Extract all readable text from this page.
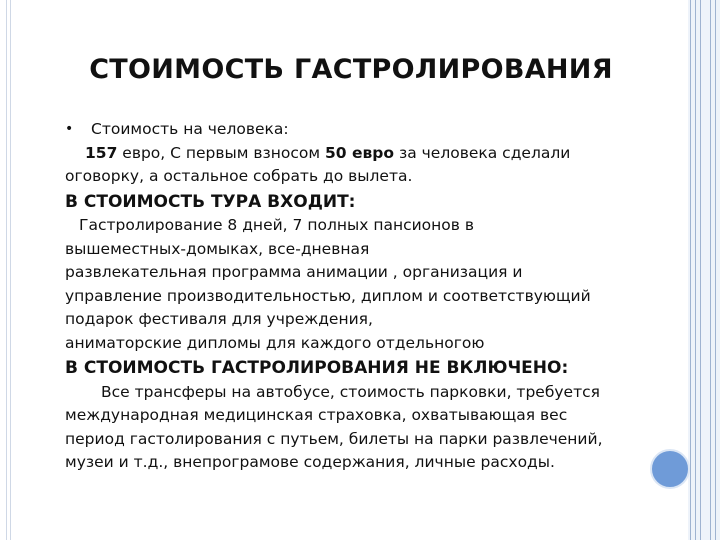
СТОИМОСТЬ ГАСТРОЛИРОВАНИЯ
•	Стоимость на человека:
157 евро, С первым взносом 50 евро за человека сделали
оговорку, а остальное собрать до вылета.
В СТОИМОСТЬ ТУРА ВХОДИТ:
Гастролирование 8 дней, 7 полных пансионов в
вышеместных-домыках, все-дневная
развлекательная программа анимации , организация и
управление производительностью, диплом и соответствующий
подарок фестиваля для учреждения,
аниматорские дипломы для каждого отдельногою
В СТОИМОСТЬ ГАСТРОЛИРОВАНИЯ НЕ ВКЛЮЧЕНО:
Все трансферы на автобусе, стоимость парковки, требуется
международная медицинская страховка, охватывающая вес
период гастолирования с путьем, билеты на парки развлечений,
музеи и т.д., внепрограмове содержания, личные расходы.
